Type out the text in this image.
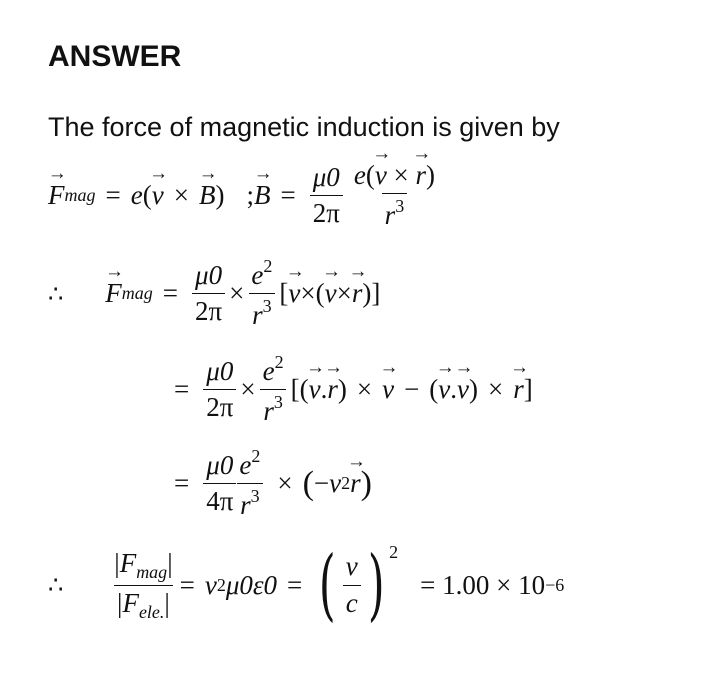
ANSWER
The force of magnetic induction is given by
→ F mag = e ( → v × → B ) ; → $B = \frac{\mu 0}{2\pi} \frac{e(\to v \times \to r)}{r^3}$
∴ → F mag = $\frac{\mu 0}{2\pi} \times \frac{e^2}{r^3}$ [ → v × ( → v × → r ) ]
= $\frac{\mu 0}{2\pi} \times \frac{e^2}{r^3}$ [ ( → v . → r ) × → v − ( → v . → v ) × → r ]
= $\frac{\mu 0}{4\pi} \frac{e^2}{r^3}$ × ( − v 2 → r )
∴ $\frac{|F_{mag}|}{|F_{ele.}|} = v$ 2 μ0 ε0 = ( $\frac{v}{c}$ ) 2
= 1.00 × 10 −6
